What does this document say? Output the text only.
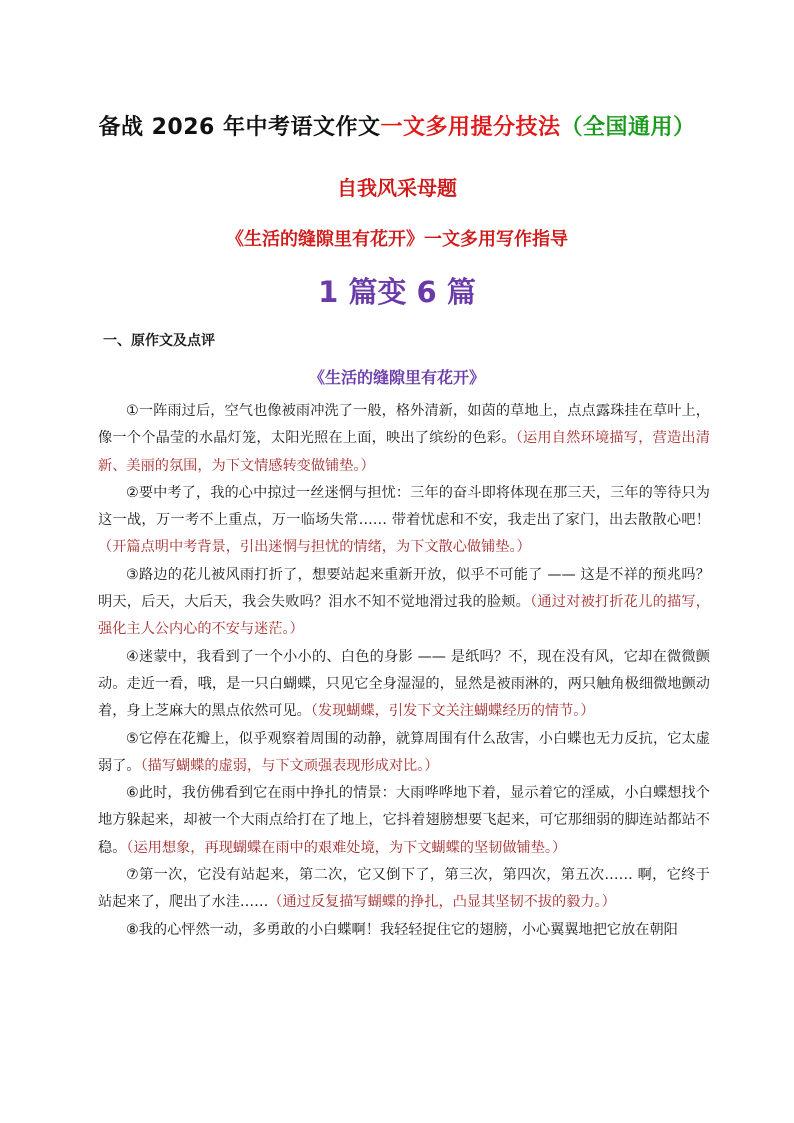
备战 2026 年中考语文作文一文多用提分技法（全国通用）
自我风采母题
《生活的缝隙里有花开》一文多用写作指导
1 篇变 6 篇
一、原作文及点评
《生活的缝隙里有花开》

①一阵雨过后，空气也像被雨冲洗了一般，格外清新，如茵的草地上，点点露珠挂在草叶上，像一个个晶莹的水晶灯笼，太阳光照在上面，映出了缤纷的色彩。（运用自然环境描写，营造出清新、美丽的氛围，为下文情感转变做铺垫。）

②要中考了，我的心中掠过一丝迷惘与担忧：三年的奋斗即将体现在那三天，三年的等待只为这一战，万一考不上重点，万一临场失常…… 带着忧虑和不安，我走出了家门，出去散散心吧！（开篇点明中考背景，引出迷惘与担忧的情绪，为下文散心做铺垫。）

③路边的花儿被风雨打折了，想要站起来重新开放，似乎不可能了 —— 这是不祥的预兆吗？明天，后天，大后天，我会失败吗？泪水不知不觉地滑过我的脸颊。（通过对被打折花儿的描写，强化主人公内心的不安与迷茫。）

④迷蒙中，我看到了一个小小的、白色的身影 —— 是纸吗？不，现在没有风，它却在微微颤动。走近一看，哦，是一只白蝴蝶，只见它全身湿湿的，显然是被雨淋的，两只触角极细微地颤动着，身上芝麻大的黑点依然可见。（发现蝴蝶，引发下文关注蝴蝶经历的情节。）

⑤它停在花瓣上，似乎观察着周围的动静，就算周围有什么敌害，小白蝶也无力反抗，它太虚弱了。（描写蝴蝶的虚弱，与下文顽强表现形成对比。）

⑥此时，我仿佛看到它在雨中挣扎的情景：大雨哗哗地下着，显示着它的淫威，小白蝶想找个地方躲起来，却被一个大雨点给打在了地上，它抖着翅膀想要飞起来，可它那细弱的脚连站都站不稳。（运用想象，再现蝴蝶在雨中的艰难处境，为下文蝴蝶的坚韧做铺垫。）

⑦第一次，它没有站起来，第二次，它又倒下了，第三次，第四次，第五次…… 啊，它终于站起来了，爬出了水洼……（通过反复描写蝴蝶的挣扎，凸显其坚韧不拔的毅力。）

⑧我的心怦然一动，多勇敢的小白蝶啊！我轻轻捉住它的翅膀，小心翼翼地把它放在朝阳
